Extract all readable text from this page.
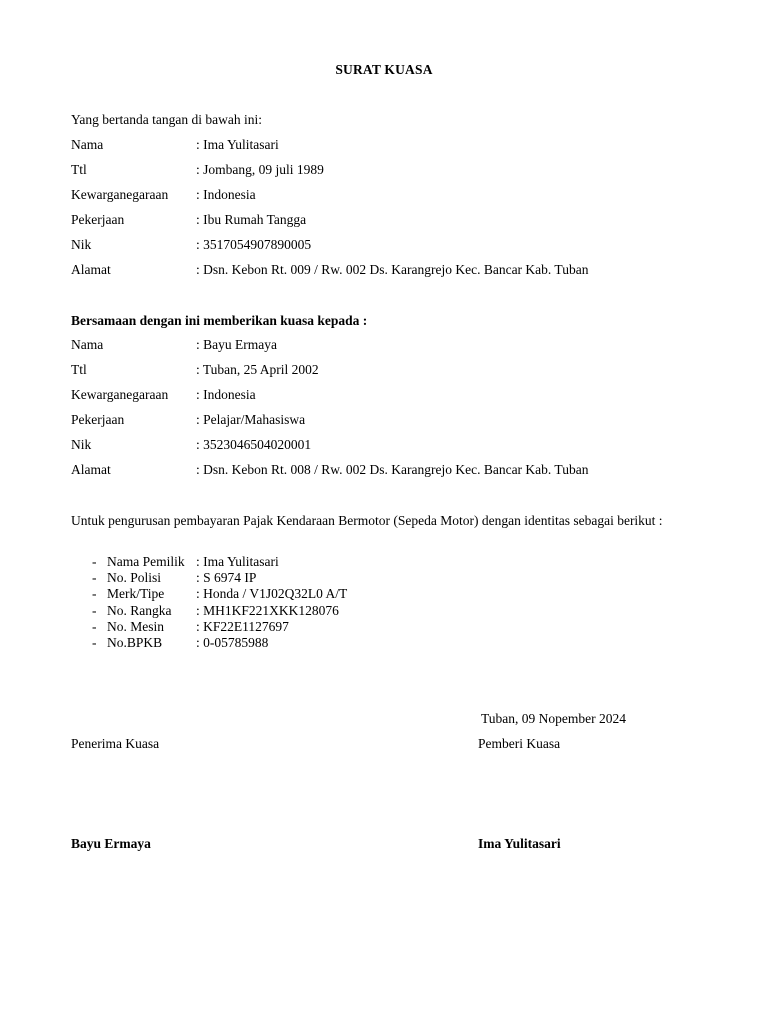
SURAT KUASA
Yang bertanda tangan di bawah ini:
Nama	: Ima Yulitasari
Ttl	: Jombang, 09 juli 1989
Kewarganegaraan : Indonesia
Pekerjaan	: Ibu Rumah Tangga
Nik	: 3517054907890005
Alamat	: Dsn. Kebon Rt. 009 / Rw. 002 Ds. Karangrejo Kec. Bancar Kab. Tuban
Bersamaan dengan ini memberikan kuasa kepada :
Nama	: Bayu Ermaya
Ttl	: Tuban, 25 April 2002
Kewarganegaraan : Indonesia
Pekerjaan	: Pelajar/Mahasiswa
Nik	: 3523046504020001
Alamat	: Dsn. Kebon Rt. 008 / Rw. 002 Ds. Karangrejo Kec. Bancar Kab. Tuban
Untuk pengurusan pembayaran Pajak Kendaraan Bermotor (Sepeda Motor) dengan identitas sebagai berikut :
- Nama Pemilik : Ima Yulitasari
- No. Polisi	: S 6974 IP
- Merk/Tipe : Honda / V1J02Q32L0 A/T
- No. Rangka : MH1KF221XKK128076
- No. Mesin : KF22E1127697
- No.BPKB	: 0-05785988
Tuban, 09 Nopember 2024
Penerima Kuasa	Pemberi Kuasa
Bayu Ermaya	Ima Yulitasari
